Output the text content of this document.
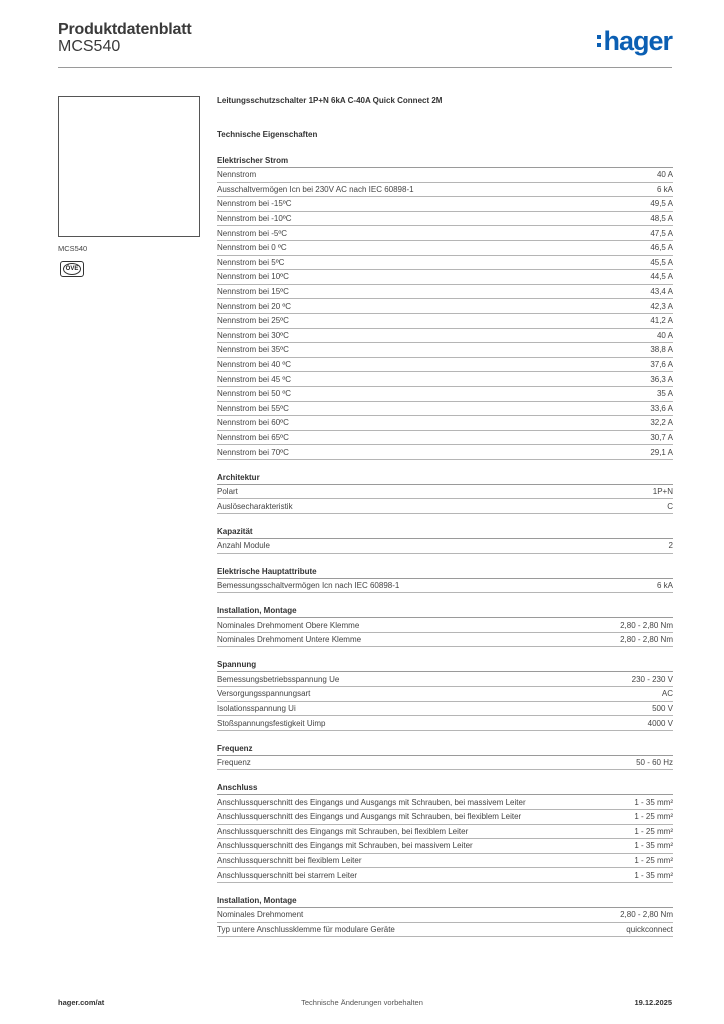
Produktdatenblatt
MCS540	hager
MCS540
ÖVE
Leitungsschutzschalter 1P+N 6kA C-40A Quick Connect 2M
Technische Eigenschaften
Elektrischer Strom
Nennstrom	40 A
Ausschaltvermögen Icn bei 230V AC nach IEC 60898-1	6 kA
Nennstrom bei -15ºC	49,5 A
Nennstrom bei -10ºC	48,5 A
Nennstrom bei -5ºC	47,5 A
Nennstrom bei 0 ºC	46,5 A
Nennstrom bei 5ºC	45,5 A
Nennstrom bei 10ºC	44,5 A
Nennstrom bei 15ºC	43,4 A
Nennstrom bei 20 ºC	42,3 A
Nennstrom bei 25ºC	41,2 A
Nennstrom bei 30ºC	40 A
Nennstrom bei 35ºC	38,8 A
Nennstrom bei 40 ºC	37,6 A
Nennstrom bei 45 ºC	36,3 A
Nennstrom bei 50 ºC	35 A
Nennstrom bei 55ºC	33,6 A
Nennstrom bei 60ºC	32,2 A
Nennstrom bei 65ºC	30,7 A
Nennstrom bei 70ºC	29,1 A
Architektur
Polart	1P+N
Auslösecharakteristik	C
Kapazität
Anzahl Module	2
Elektrische Hauptattribute
Bemessungsschaltvermögen Icn nach IEC 60898-1	6 kA
Installation, Montage
Nominales Drehmoment Obere Klemme	2,80 - 2,80 Nm
Nominales Drehmoment Untere Klemme	2,80 - 2,80 Nm
Spannung
Bemessungsbetriebsspannung Ue	230 - 230 V
Versorgungsspannungsart	AC
Isolationsspannung Ui	500 V
Stoßspannungsfestigkeit Uimp	4000 V
Frequenz
Frequenz	50 - 60 Hz
Anschluss
Anschlussquerschnitt des Eingangs und Ausgangs mit Schrauben, bei massivem Leiter	1 - 35 mm²
Anschlussquerschnitt des Eingangs und Ausgangs mit Schrauben, bei flexiblem Leiter	1 - 25 mm²
Anschlussquerschnitt des Eingangs mit Schrauben, bei flexiblem Leiter	1 - 25 mm²
Anschlussquerschnitt des Eingangs mit Schrauben, bei massivem Leiter	1 - 35 mm²
Anschlussquerschnitt bei flexiblem Leiter	1 - 25 mm²
Anschlussquerschnitt bei starrem Leiter	1 - 35 mm²
Installation, Montage
Nominales Drehmoment	2,80 - 2,80 Nm
Typ untere Anschlussklemme für modulare Geräte	quickconnect
hager.com/at	Technische Änderungen vorbehalten	19.12.2025
